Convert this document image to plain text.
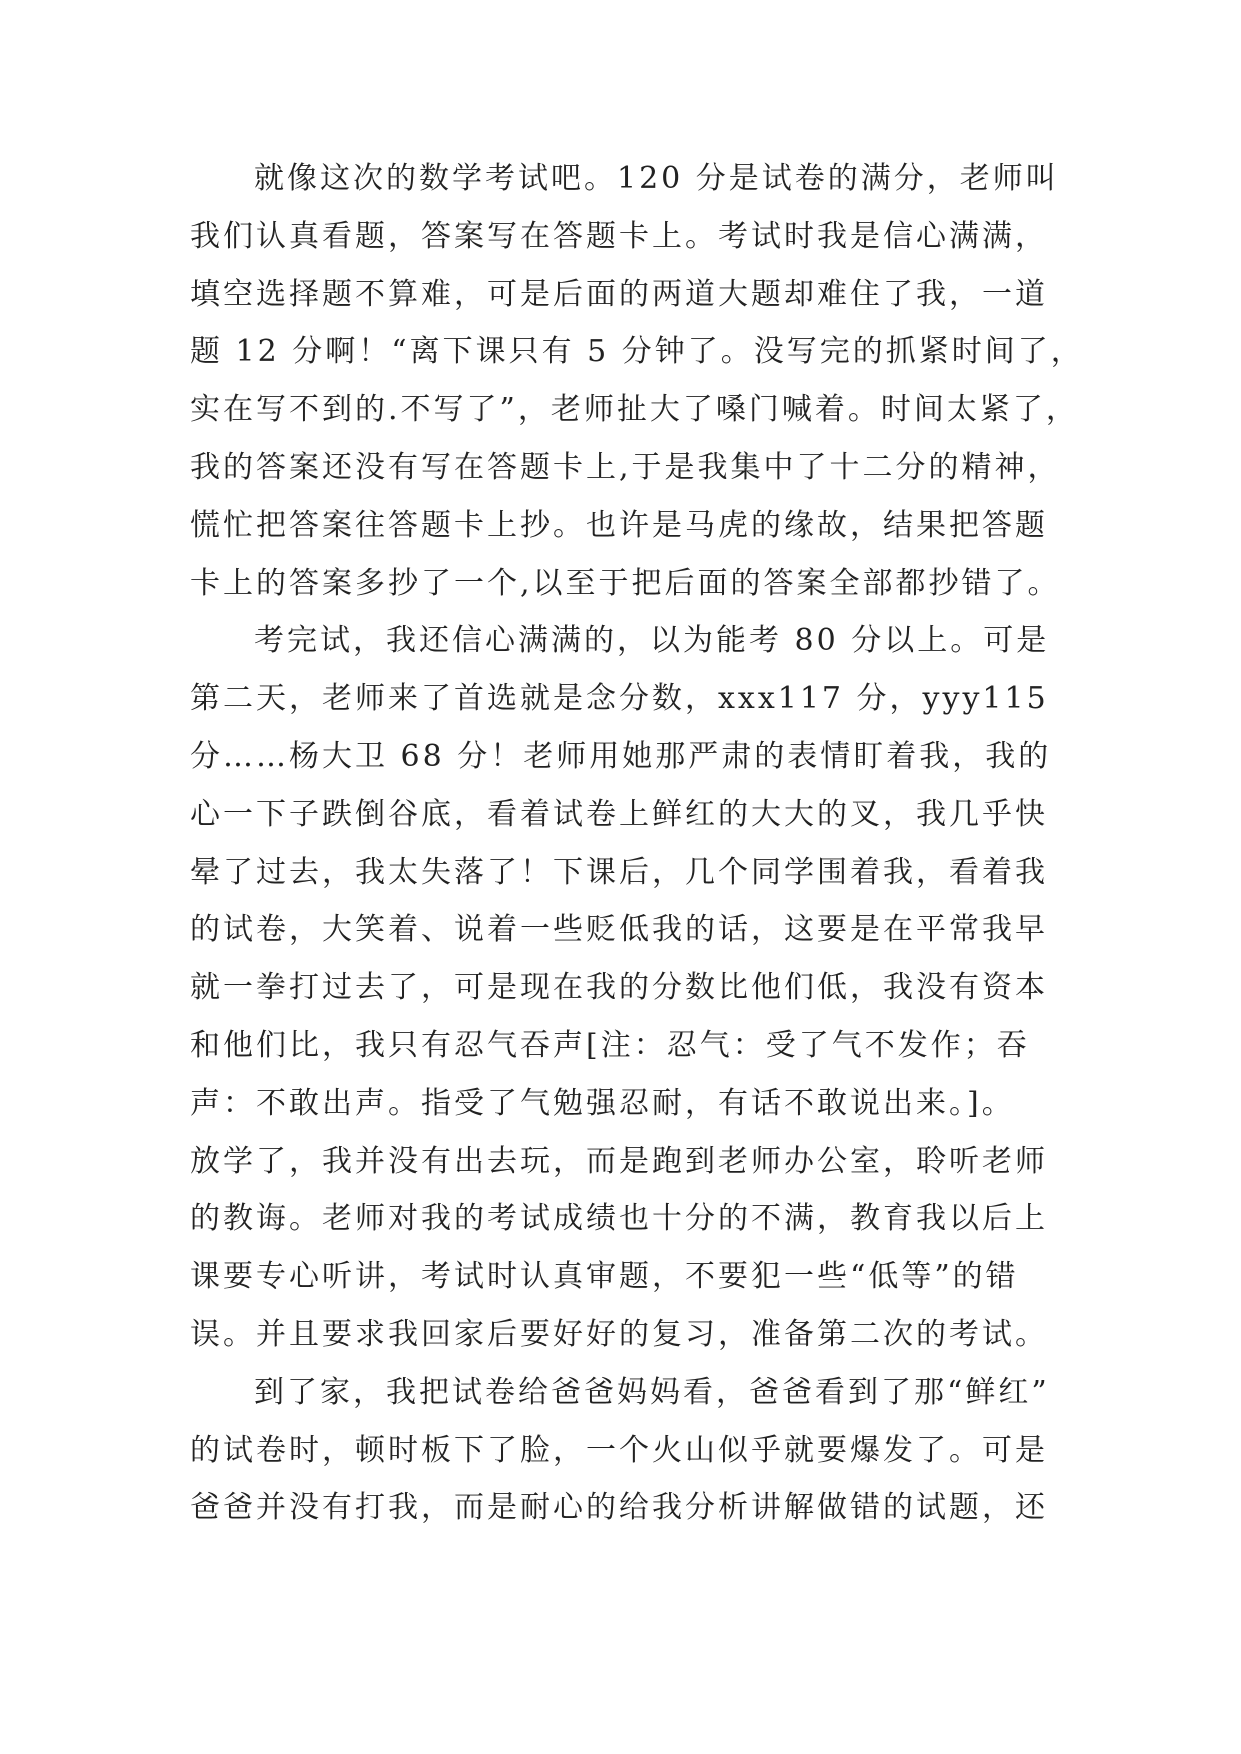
就像这次的数学考试吧。120 分是试卷的满分，老师叫
我们认真看题，答案写在答题卡上。考试时我是信心满满，
填空选择题不算难，可是后面的两道大题却难住了我，一道
题 12 分啊！“离下课只有 5 分钟了。没写完的抓紧时间了，
实在写不到的.不写了”，老师扯大了嗓门喊着。时间太紧了，
我的答案还没有写在答题卡上,于是我集中了十二分的精神，
慌忙把答案往答题卡上抄。也许是马虎的缘故，结果把答题
卡上的答案多抄了一个,以至于把后面的答案全部都抄错了。
考完试，我还信心满满的，以为能考 80 分以上。可是
第二天，老师来了首选就是念分数，xxx117 分，yyy115
分……杨大卫 68 分！老师用她那严肃的表情盯着我，我的
心一下子跌倒谷底，看着试卷上鲜红的大大的叉，我几乎快
晕了过去，我太失落了！下课后，几个同学围着我，看着我
的试卷，大笑着、说着一些贬低我的话，这要是在平常我早
就一拳打过去了，可是现在我的分数比他们低，我没有资本
和他们比，我只有忍气吞声[注：忍气：受了气不发作；吞
声：不敢出声。指受了气勉强忍耐，有话不敢说出来。]。
放学了，我并没有出去玩，而是跑到老师办公室，聆听老师
的教诲。老师对我的考试成绩也十分的不满，教育我以后上
课要专心听讲，考试时认真审题，不要犯一些“低等”的错
误。并且要求我回家后要好好的复习，准备第二次的考试。
到了家，我把试卷给爸爸妈妈看，爸爸看到了那“鲜红”
的试卷时，顿时板下了脸，一个火山似乎就要爆发了。可是
爸爸并没有打我，而是耐心的给我分析讲解做错的试题，还
